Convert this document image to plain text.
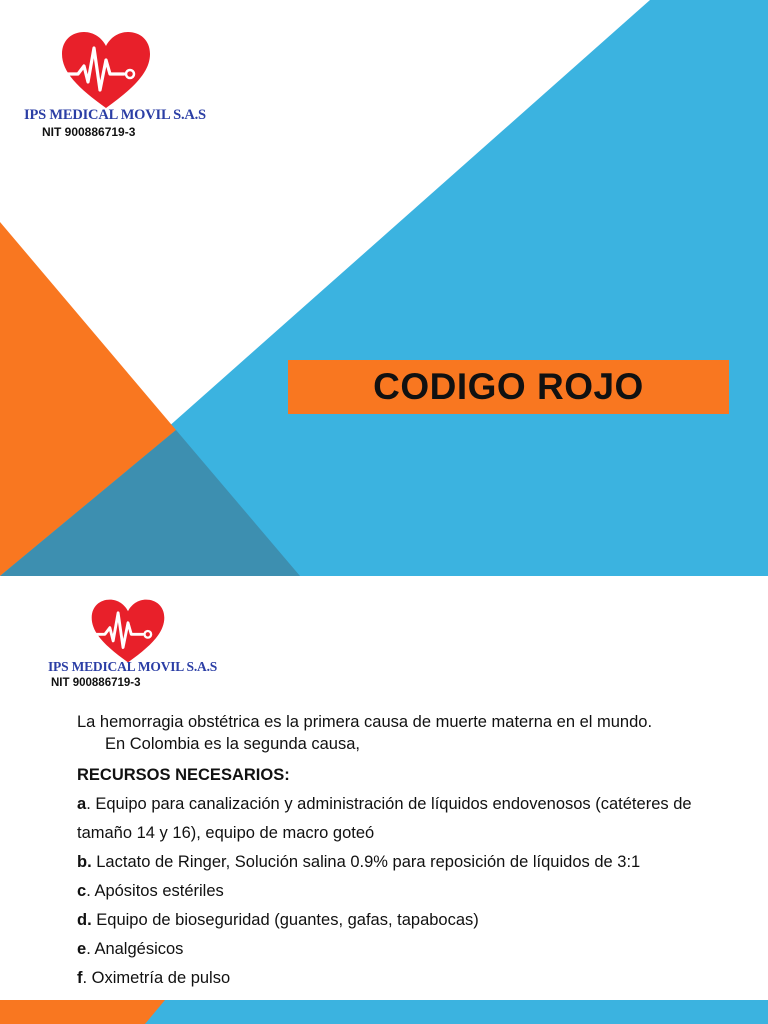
IPS MEDICAL MOVIL S.A.S
NIT 900886719-3
CODIGO ROJO
IPS MEDICAL MOVIL S.A.S
NIT 900886719-3

La hemorragia obstétrica es la primera causa de muerte materna en el mundo.
En Colombia es la segunda causa,

RECURSOS NECESARIOS:
a. Equipo para canalización y administración de líquidos endovenosos (catéteres de tamaño 14 y 16), equipo de macro goteó
b. Lactato de Ringer, Solución salina 0.9% para reposición de líquidos de 3:1
c. Apósitos estériles
d. Equipo de bioseguridad (guantes, gafas, tapabocas)
e. Analgésicos
f. Oximetría de pulso
